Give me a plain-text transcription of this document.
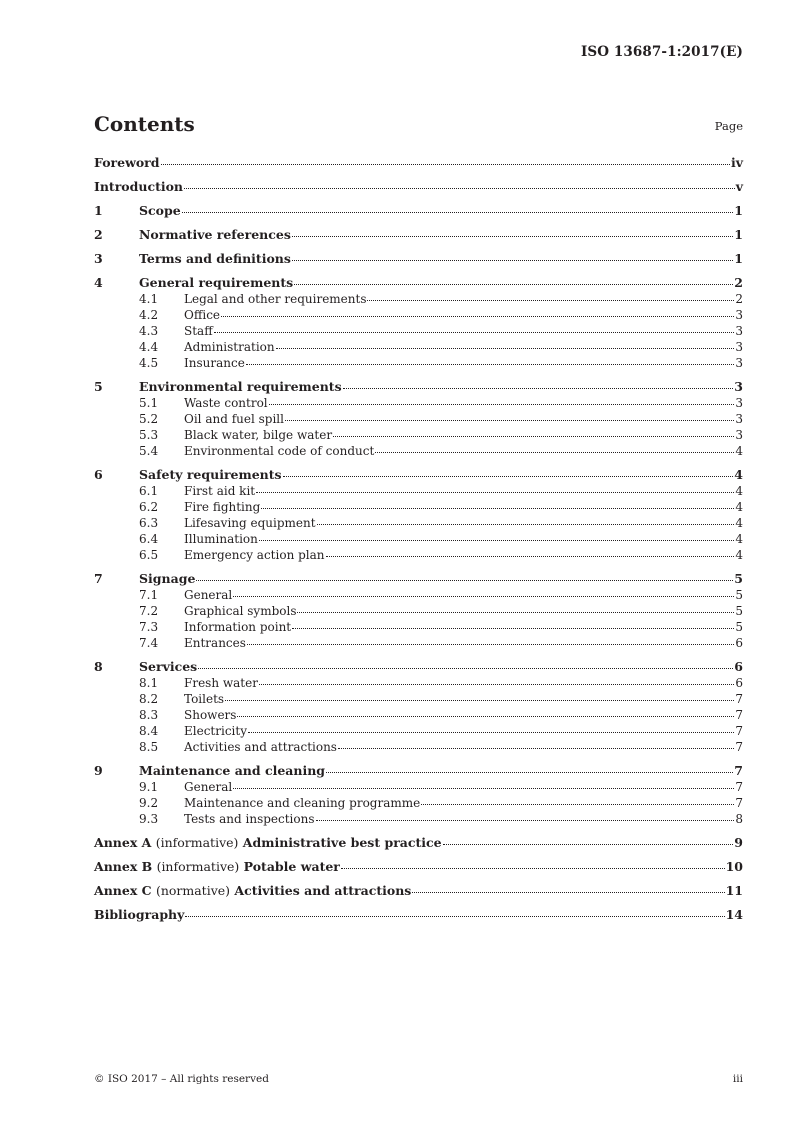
ISO 13687-1:2017(E)
Contents	Page
Foreword	iv
Introduction	v
1	Scope	1
2	Normative references	1
3	Terms and definitions	1
4	General requirements	2
4.1	Legal and other requirements	2
4.2	Office	3
4.3	Staff	3
4.4	Administration	3
4.5	Insurance	3
5	Environmental requirements	3
5.1	Waste control	3
5.2	Oil and fuel spill	3
5.3	Black water, bilge water	3
5.4	Environmental code of conduct	4
6	Safety requirements	4
6.1	First aid kit	4
6.2	Fire fighting	4
6.3	Lifesaving equipment	4
6.4	Illumination	4
6.5	Emergency action plan	4
7	Signage	5
7.1	General	5
7.2	Graphical symbols	5
7.3	Information point	5
7.4	Entrances	6
8	Services	6
8.1	Fresh water	6
8.2	Toilets	7
8.3	Showers	7
8.4	Electricity	7
8.5	Activities and attractions	7
9	Maintenance and cleaning	7
9.1	General	7
9.2	Maintenance and cleaning programme	7
9.3	Tests and inspections	8
Annex A (informative) Administrative best practice	9
Annex B (informative) Potable water	10
Annex C (normative) Activities and attractions	11
Bibliography	14
© ISO 2017 – All rights reserved	iii
